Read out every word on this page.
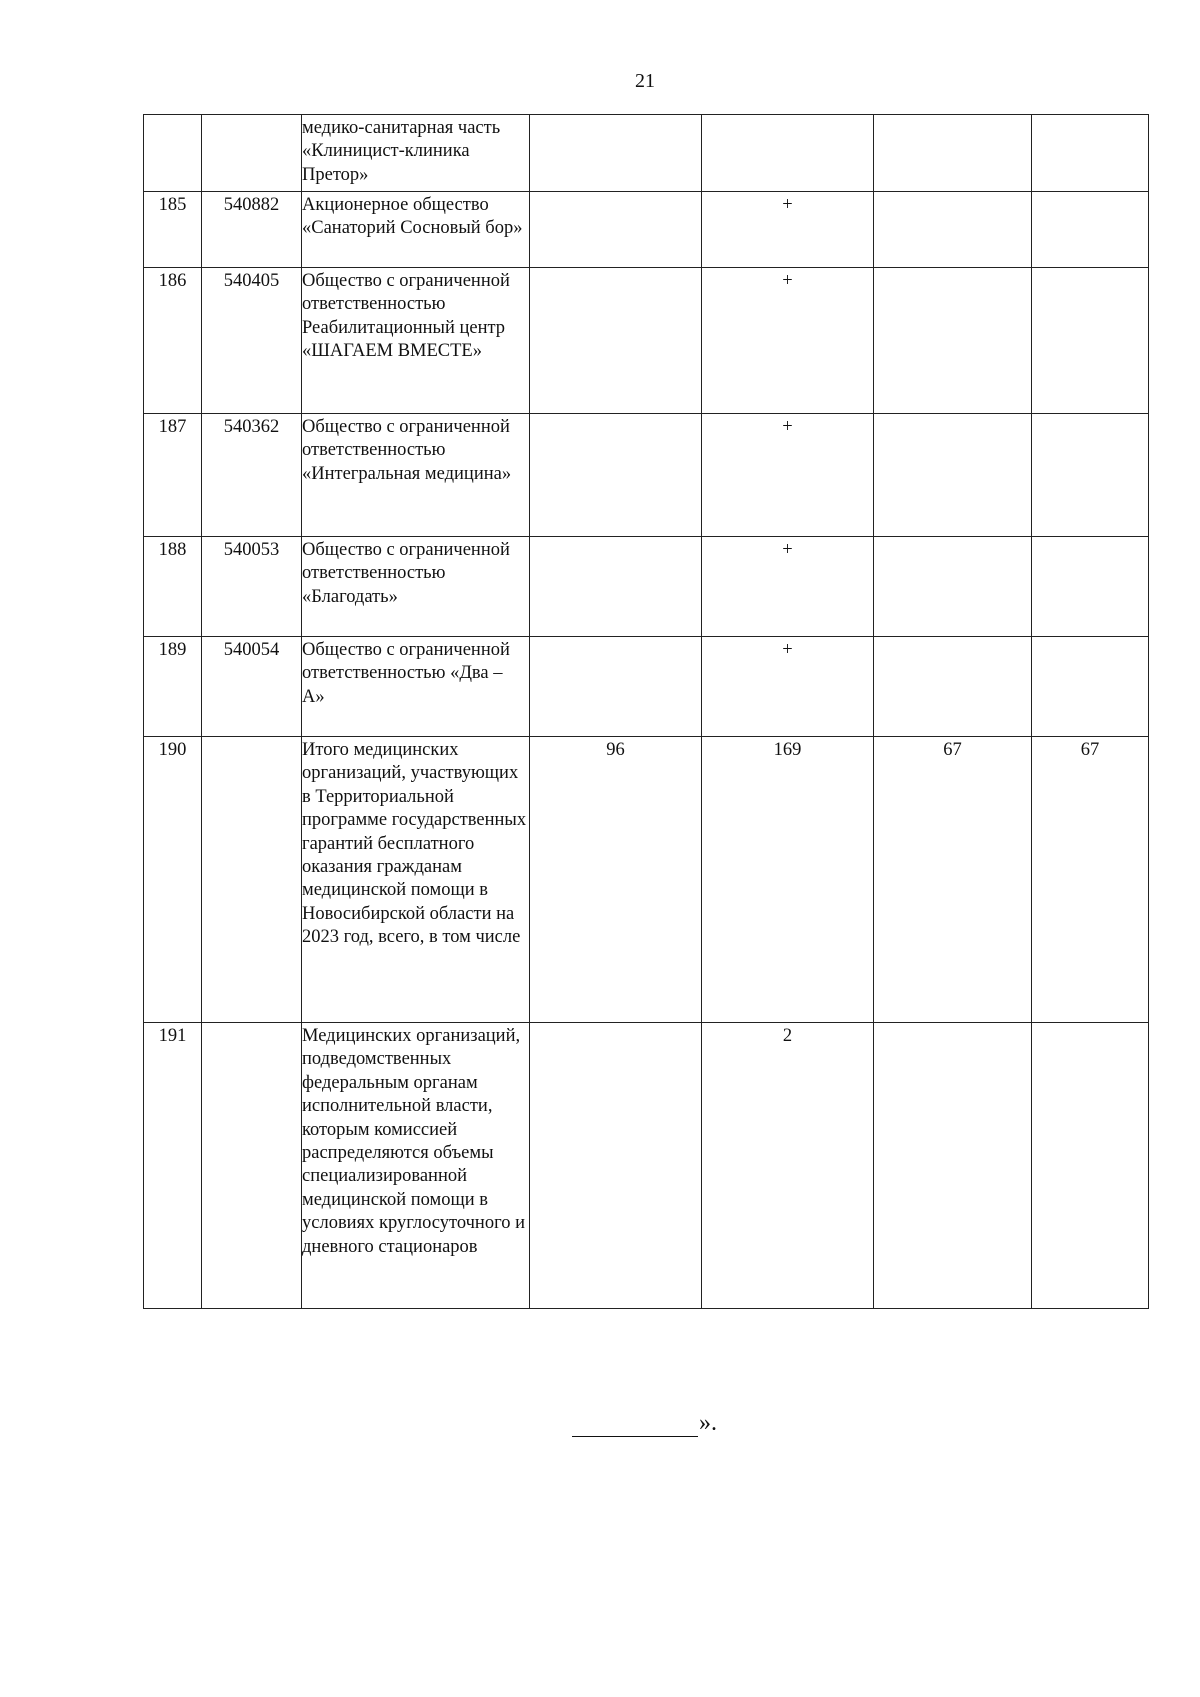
21
		медико-санитарная часть «Клиницист-клиника Претор»				
185	540882	Акционерное общество «Санаторий Сосновый бор»		+		
186	540405	Общество с ограниченной ответственностью Реабилитационный центр «ШАГАЕМ ВМЕСТЕ»		+		
187	540362	Общество с ограниченной ответственностью «Интегральная медицина»		+		
188	540053	Общество с ограниченной ответственностью «Благодать»		+		
189	540054	Общество с ограниченной ответственностью «Два – А»		+		
190		Итого медицинских организаций, участвующих в Территориальной программе государственных гарантий бесплатного оказания гражданам медицинской помощи в Новосибирской области на 2023 год, всего, в том числе	96	169	67	67
191		Медицинских организаций, подведомственных федеральным органам исполнительной власти, которым комиссией распределяются объемы специализированной медицинской помощи в условиях круглосуточного и дневного стационаров		2		
».
